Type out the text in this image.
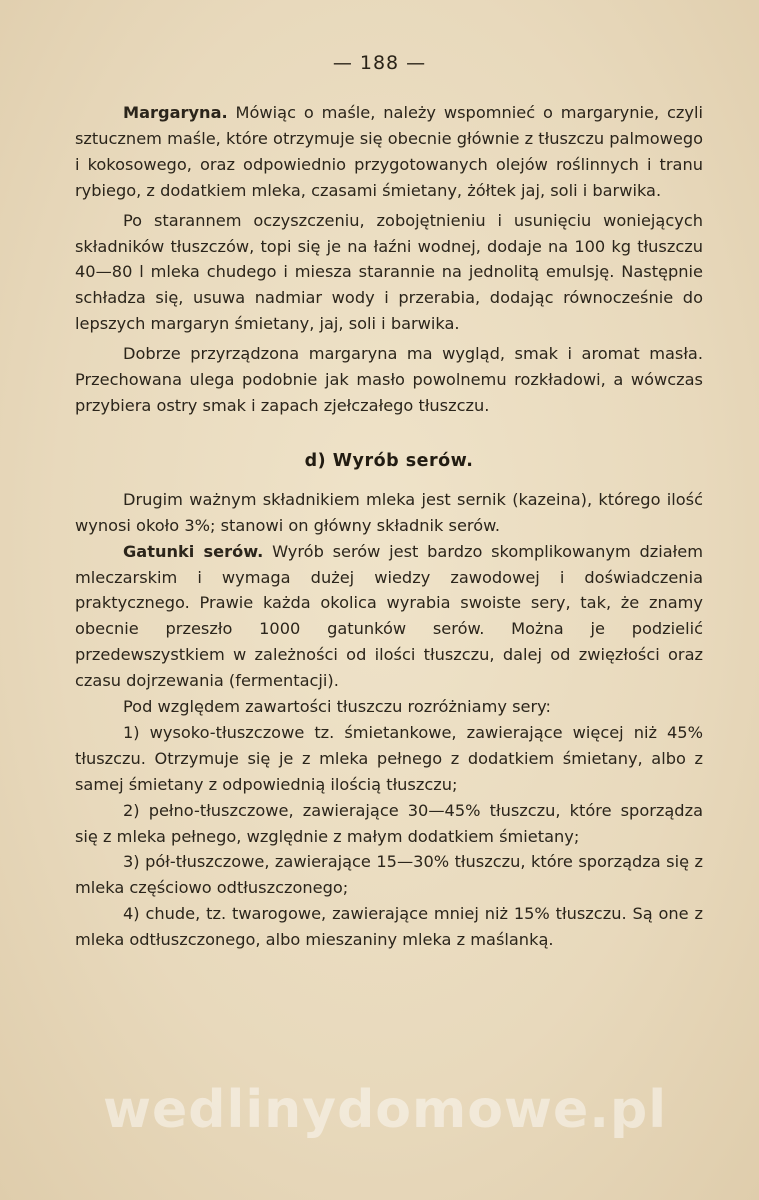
— 188 —

Margaryna. Mówiąc o maśle, należy wspomnieć o margarynie, czyli sztucznem maśle, które otrzymuje się obecnie głównie z tłuszczu palmowego i kokosowego, oraz odpowiednio przygotowanych olejów roślinnych i tranu rybiego, z dodatkiem mleka, czasami śmietany, żółtek jaj, soli i barwika.

Po starannem oczyszczeniu, zobojętnieniu i usunięciu woniejących składników tłuszczów, topi się je na łaźni wodnej, dodaje na 100 kg tłuszczu 40—80 l mleka chudego i miesza starannie na jednolitą emulsję. Następnie schładza się, usuwa nadmiar wody i przerabia, dodając równocześnie do lepszych margaryn śmietany, jaj, soli i barwika.

Dobrze przyrządzona margaryna ma wygląd, smak i aromat masła. Przechowana ulega podobnie jak masło powolnemu rozkładowi, a wówczas przybiera ostry smak i zapach zjełczałego tłuszczu.

d) Wyrób serów.

Drugim ważnym składnikiem mleka jest sernik (kazeina), którego ilość wynosi około 3%; stanowi on główny składnik serów.

Gatunki serów. Wyrób serów jest bardzo skomplikowanym działem mleczarskim i wymaga dużej wiedzy zawodowej i doświadczenia praktycznego. Prawie każda okolica wyrabia swoiste sery, tak, że znamy obecnie przeszło 1000 gatunków serów. Można je podzielić przedewszystkiem w zależności od ilości tłuszczu, dalej od zwięzłości oraz czasu dojrzewania (fermentacji).

Pod względem zawartości tłuszczu rozróżniamy sery:

1) wysoko-tłuszczowe tz. śmietankowe, zawierające więcej niż 45% tłuszczu. Otrzymuje się je z mleka pełnego z dodatkiem śmietany, albo z samej śmietany z odpowiednią ilością tłuszczu;

2) pełno-tłuszczowe, zawierające 30—45% tłuszczu, które sporządza się z mleka pełnego, względnie z małym dodatkiem śmietany;

3) pół-tłuszczowe, zawierające 15—30% tłuszczu, które sporządza się z mleka częściowo odtłuszczonego;

4) chude, tz. twarogowe, zawierające mniej niż 15% tłuszczu. Są one z mleka odtłuszczonego, albo mieszaniny mleka z maślanką.

wedlinydomowe.pl
